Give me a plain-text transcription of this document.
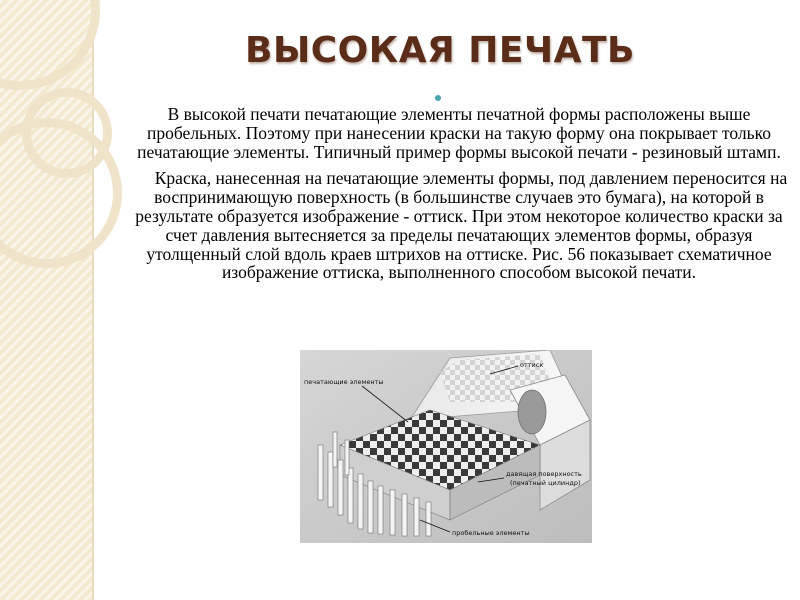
ВЫСОКАЯ ПЕЧАТЬ

В высокой печати печатающие элементы печатной формы расположены выше пробельных. Поэтому при нанесении краски на такую форму она покрывает только печатающие элементы. Типичный пример формы высокой печати - резиновый штамп.

Краска, нанесенная на печатающие элементы формы, под давлением переносится на воспринимающую поверхность (в большинстве случаев это бумага), на которой в результате образуется изображение - оттиск. При этом некоторое количество краски за счет давления вытесняется за пределы печатающих элементов формы, образуя утолщенный слой вдоль краев штрихов на оттиске. Рис. 56 показывает схематичное изображение оттиска, выполненного способом высокой печати.

печатающие элементы
оттиск
давящая поверхность
(печатный цилиндр)
пробельные элементы
